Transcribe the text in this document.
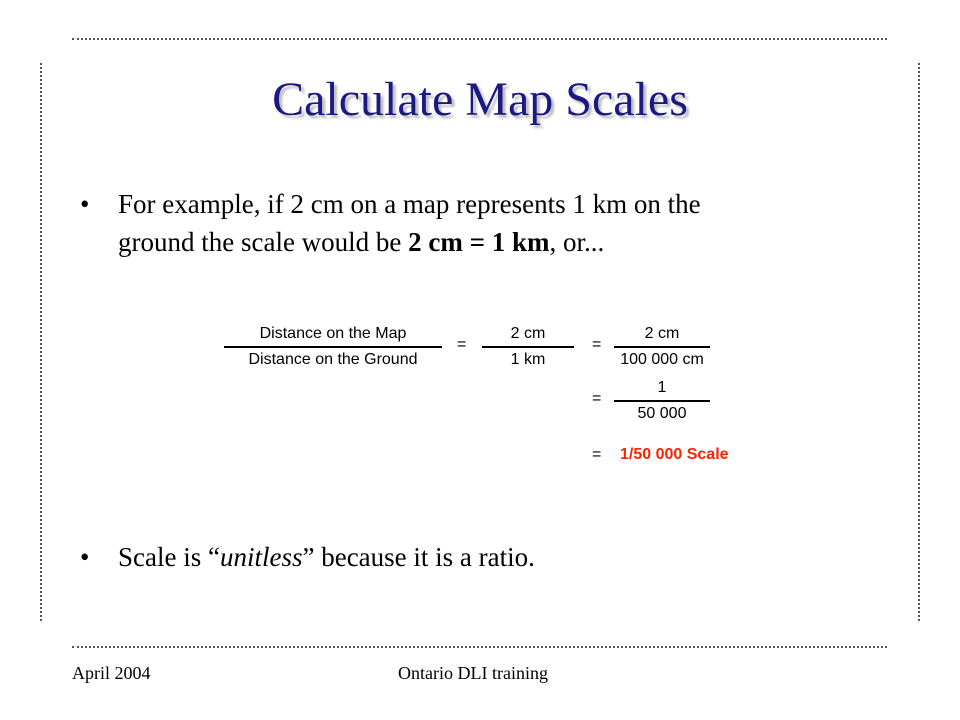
Calculate Map Scales
• For example, if 2 cm on a map represents 1 km on the
ground the scale would be 2 cm = 1 km, or...
Distance on the Map
Distance on the Ground
=
2 cm
1 km
=
2 cm
100 000 cm
=
1
50 000
= 1/50 000 Scale
• Scale is “unitless” because it is a ratio.
April 2004	Ontario DLI training
